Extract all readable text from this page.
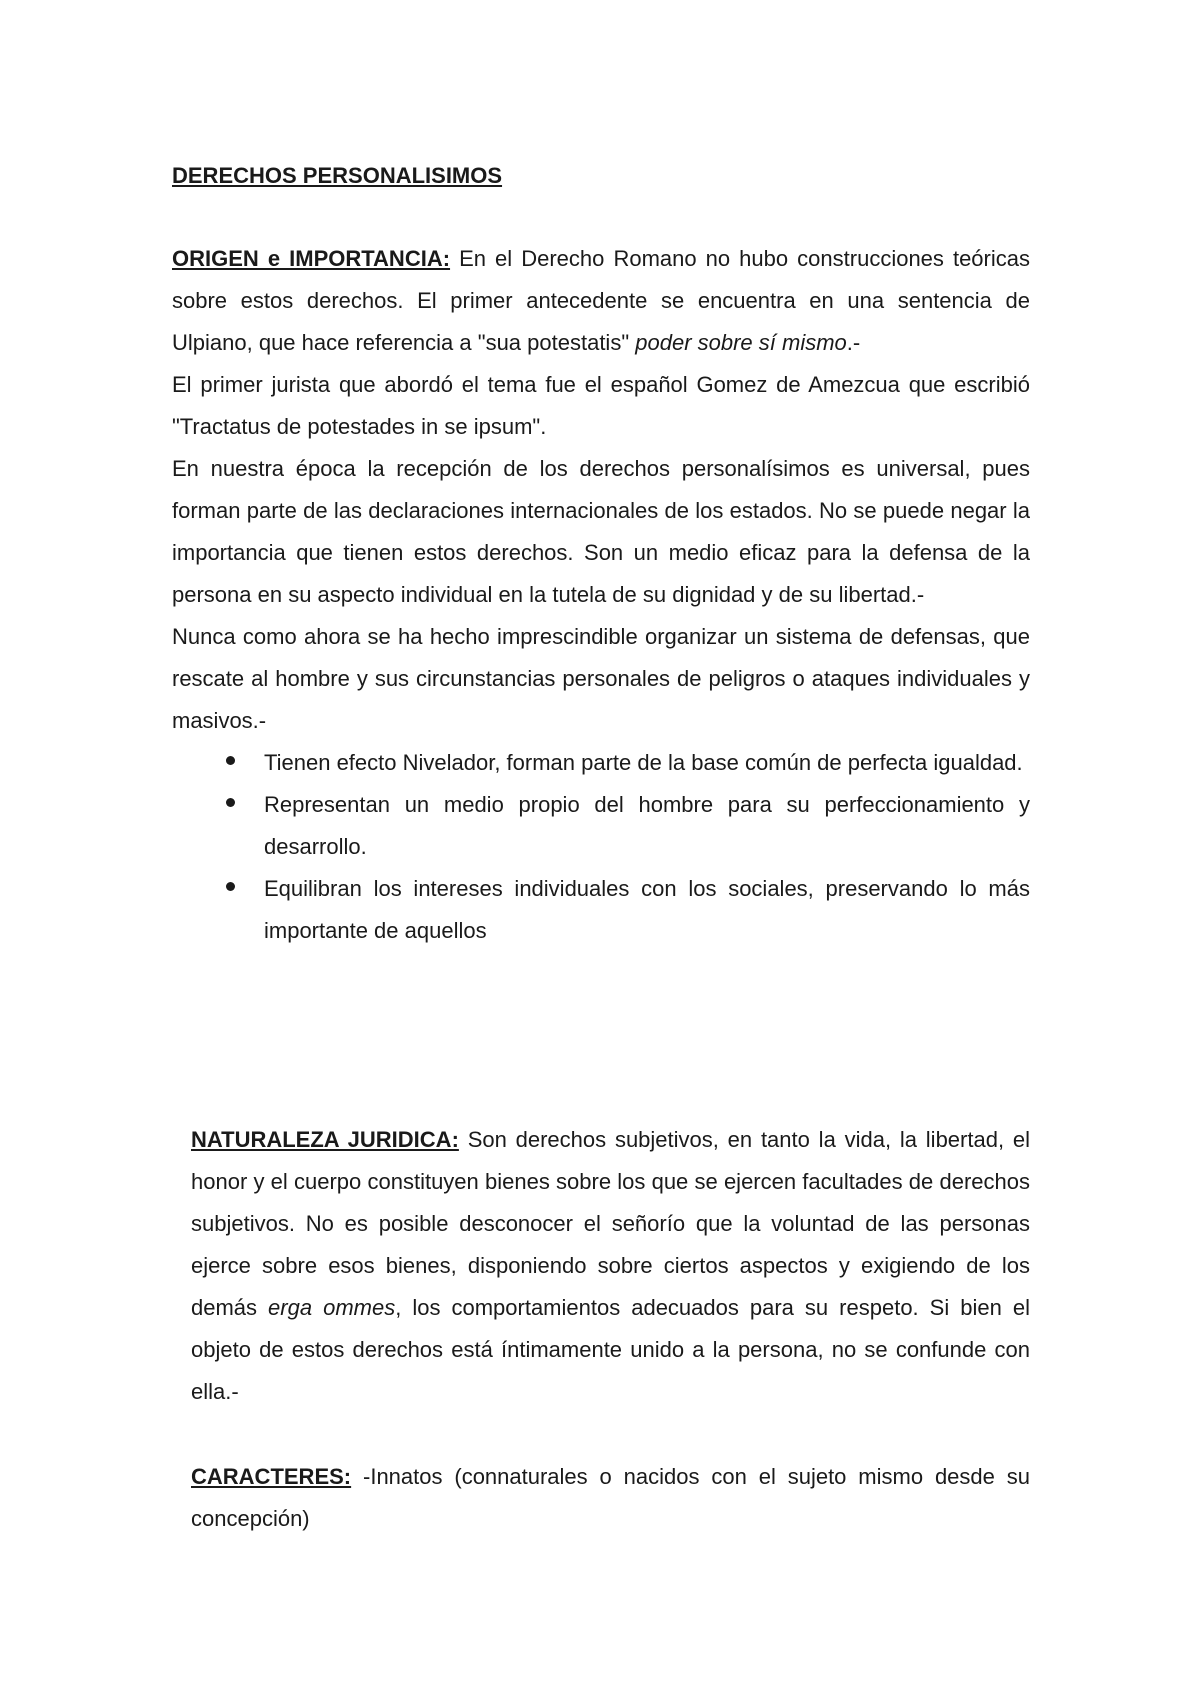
DERECHOS PERSONALISIMOS

ORIGEN e IMPORTANCIA: En el Derecho Romano no hubo construcciones teóricas sobre estos derechos. El primer antecedente se encuentra en una sentencia de Ulpiano, que hace referencia a "sua potestatis" poder sobre sí mismo.-

El primer jurista que abordó el tema fue el español Gomez de Amezcua que escribió "Tractatus de potestades in se ipsum".

En nuestra época la recepción de los derechos personalísimos es universal, pues forman parte de las declaraciones internacionales de los estados. No se puede negar la importancia que tienen estos derechos. Son un medio eficaz para la defensa de la persona en su aspecto individual en la tutela de su dignidad y de su libertad.-

Nunca como ahora se ha hecho imprescindible organizar un sistema de defensas, que rescate al hombre y sus circunstancias personales de peligros o ataques individuales y masivos.-

Tienen efecto Nivelador, forman parte de la base común de perfecta igualdad.
Representan un medio propio del hombre para su perfeccionamiento y desarrollo.
Equilibran los intereses individuales con los sociales, preservando lo más importante de aquellos

NATURALEZA JURIDICA: Son derechos subjetivos, en tanto la vida, la libertad, el honor y el cuerpo constituyen bienes sobre los que se ejercen facultades de derechos subjetivos. No es posible desconocer el señorío que la voluntad de las personas ejerce sobre esos bienes, disponiendo sobre ciertos aspectos y exigiendo de los demás erga ommes, los comportamientos adecuados para su respeto. Si bien el objeto de estos derechos está íntimamente unido a la persona, no se confunde con ella.-

CARACTERES: -Innatos (connaturales o nacidos con el sujeto mismo desde su concepción)
